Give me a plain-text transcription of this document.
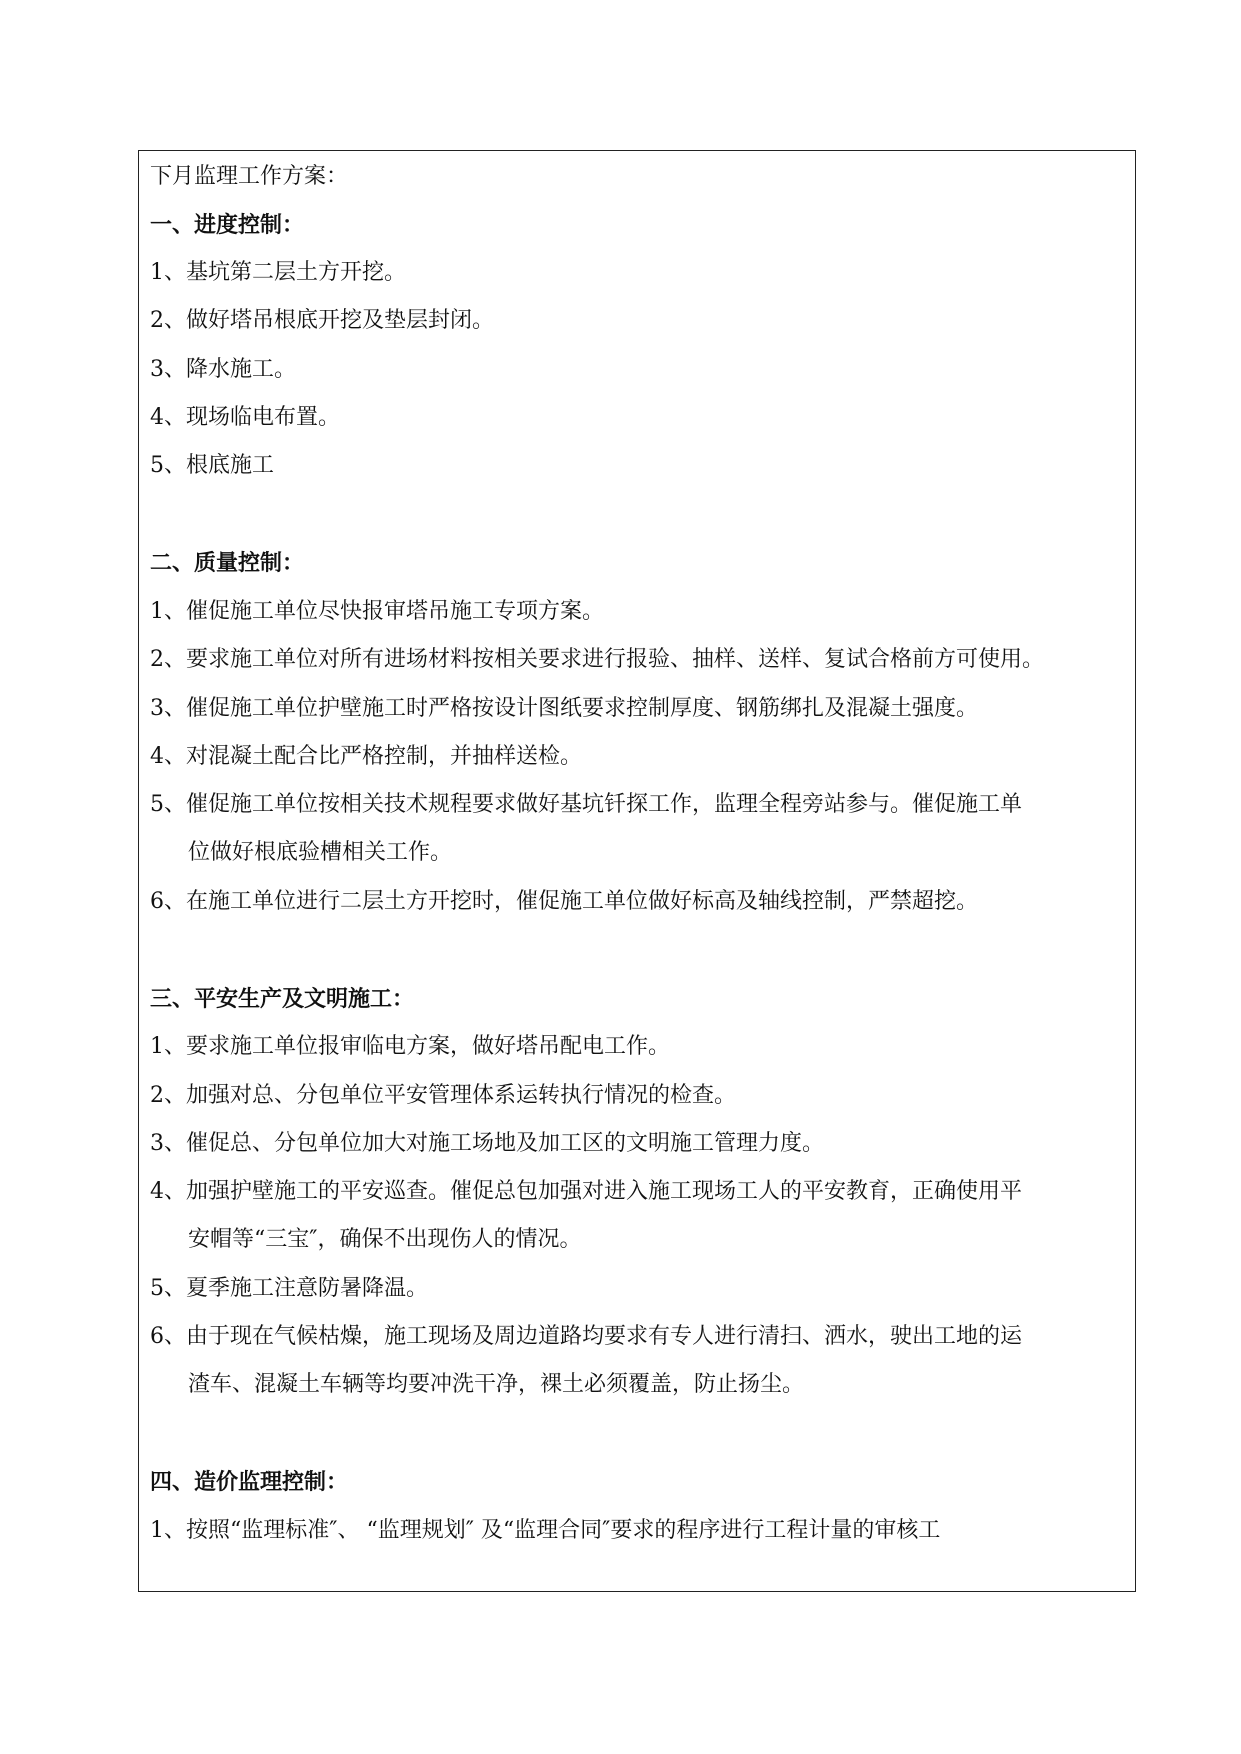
下月监理工作方案：
一、进度控制：
1、基坑第二层土方开挖。
2、做好塔吊根底开挖及垫层封闭。
3、降水施工。
4、现场临电布置。
5、根底施工
二、质量控制：
1、催促施工单位尽快报审塔吊施工专项方案。
2、要求施工单位对所有进场材料按相关要求进行报验、抽样、送样、复试合格前方可使用。
3、催促施工单位护壁施工时严格按设计图纸要求控制厚度、钢筋绑扎及混凝土强度。
4、对混凝土配合比严格控制，并抽样送检。
5、催促施工单位按相关技术规程要求做好基坑钎探工作，监理全程旁站参与。催促施工单
位做好根底验槽相关工作。
6、在施工单位进行二层土方开挖时，催促施工单位做好标高及轴线控制，严禁超挖。
三、平安生产及文明施工：
1、要求施工单位报审临电方案，做好塔吊配电工作。
2、加强对总、分包单位平安管理体系运转执行情况的检查。
3、催促总、分包单位加大对施工场地及加工区的文明施工管理力度。
4、加强护壁施工的平安巡查。催促总包加强对进入施工现场工人的平安教育，正确使用平
安帽等“三宝″，确保不出现伤人的情况。
5、夏季施工注意防暑降温。
6、由于现在气候枯燥，施工现场及周边道路均要求有专人进行清扫、洒水，驶出工地的运
渣车、混凝土车辆等均要冲洗干净，裸土必须覆盖，防止扬尘。
四、造价监理控制：
1、按照“监理标准″、 “监理规划″ 及“监理合同″要求的程序进行工程计量的审核工
